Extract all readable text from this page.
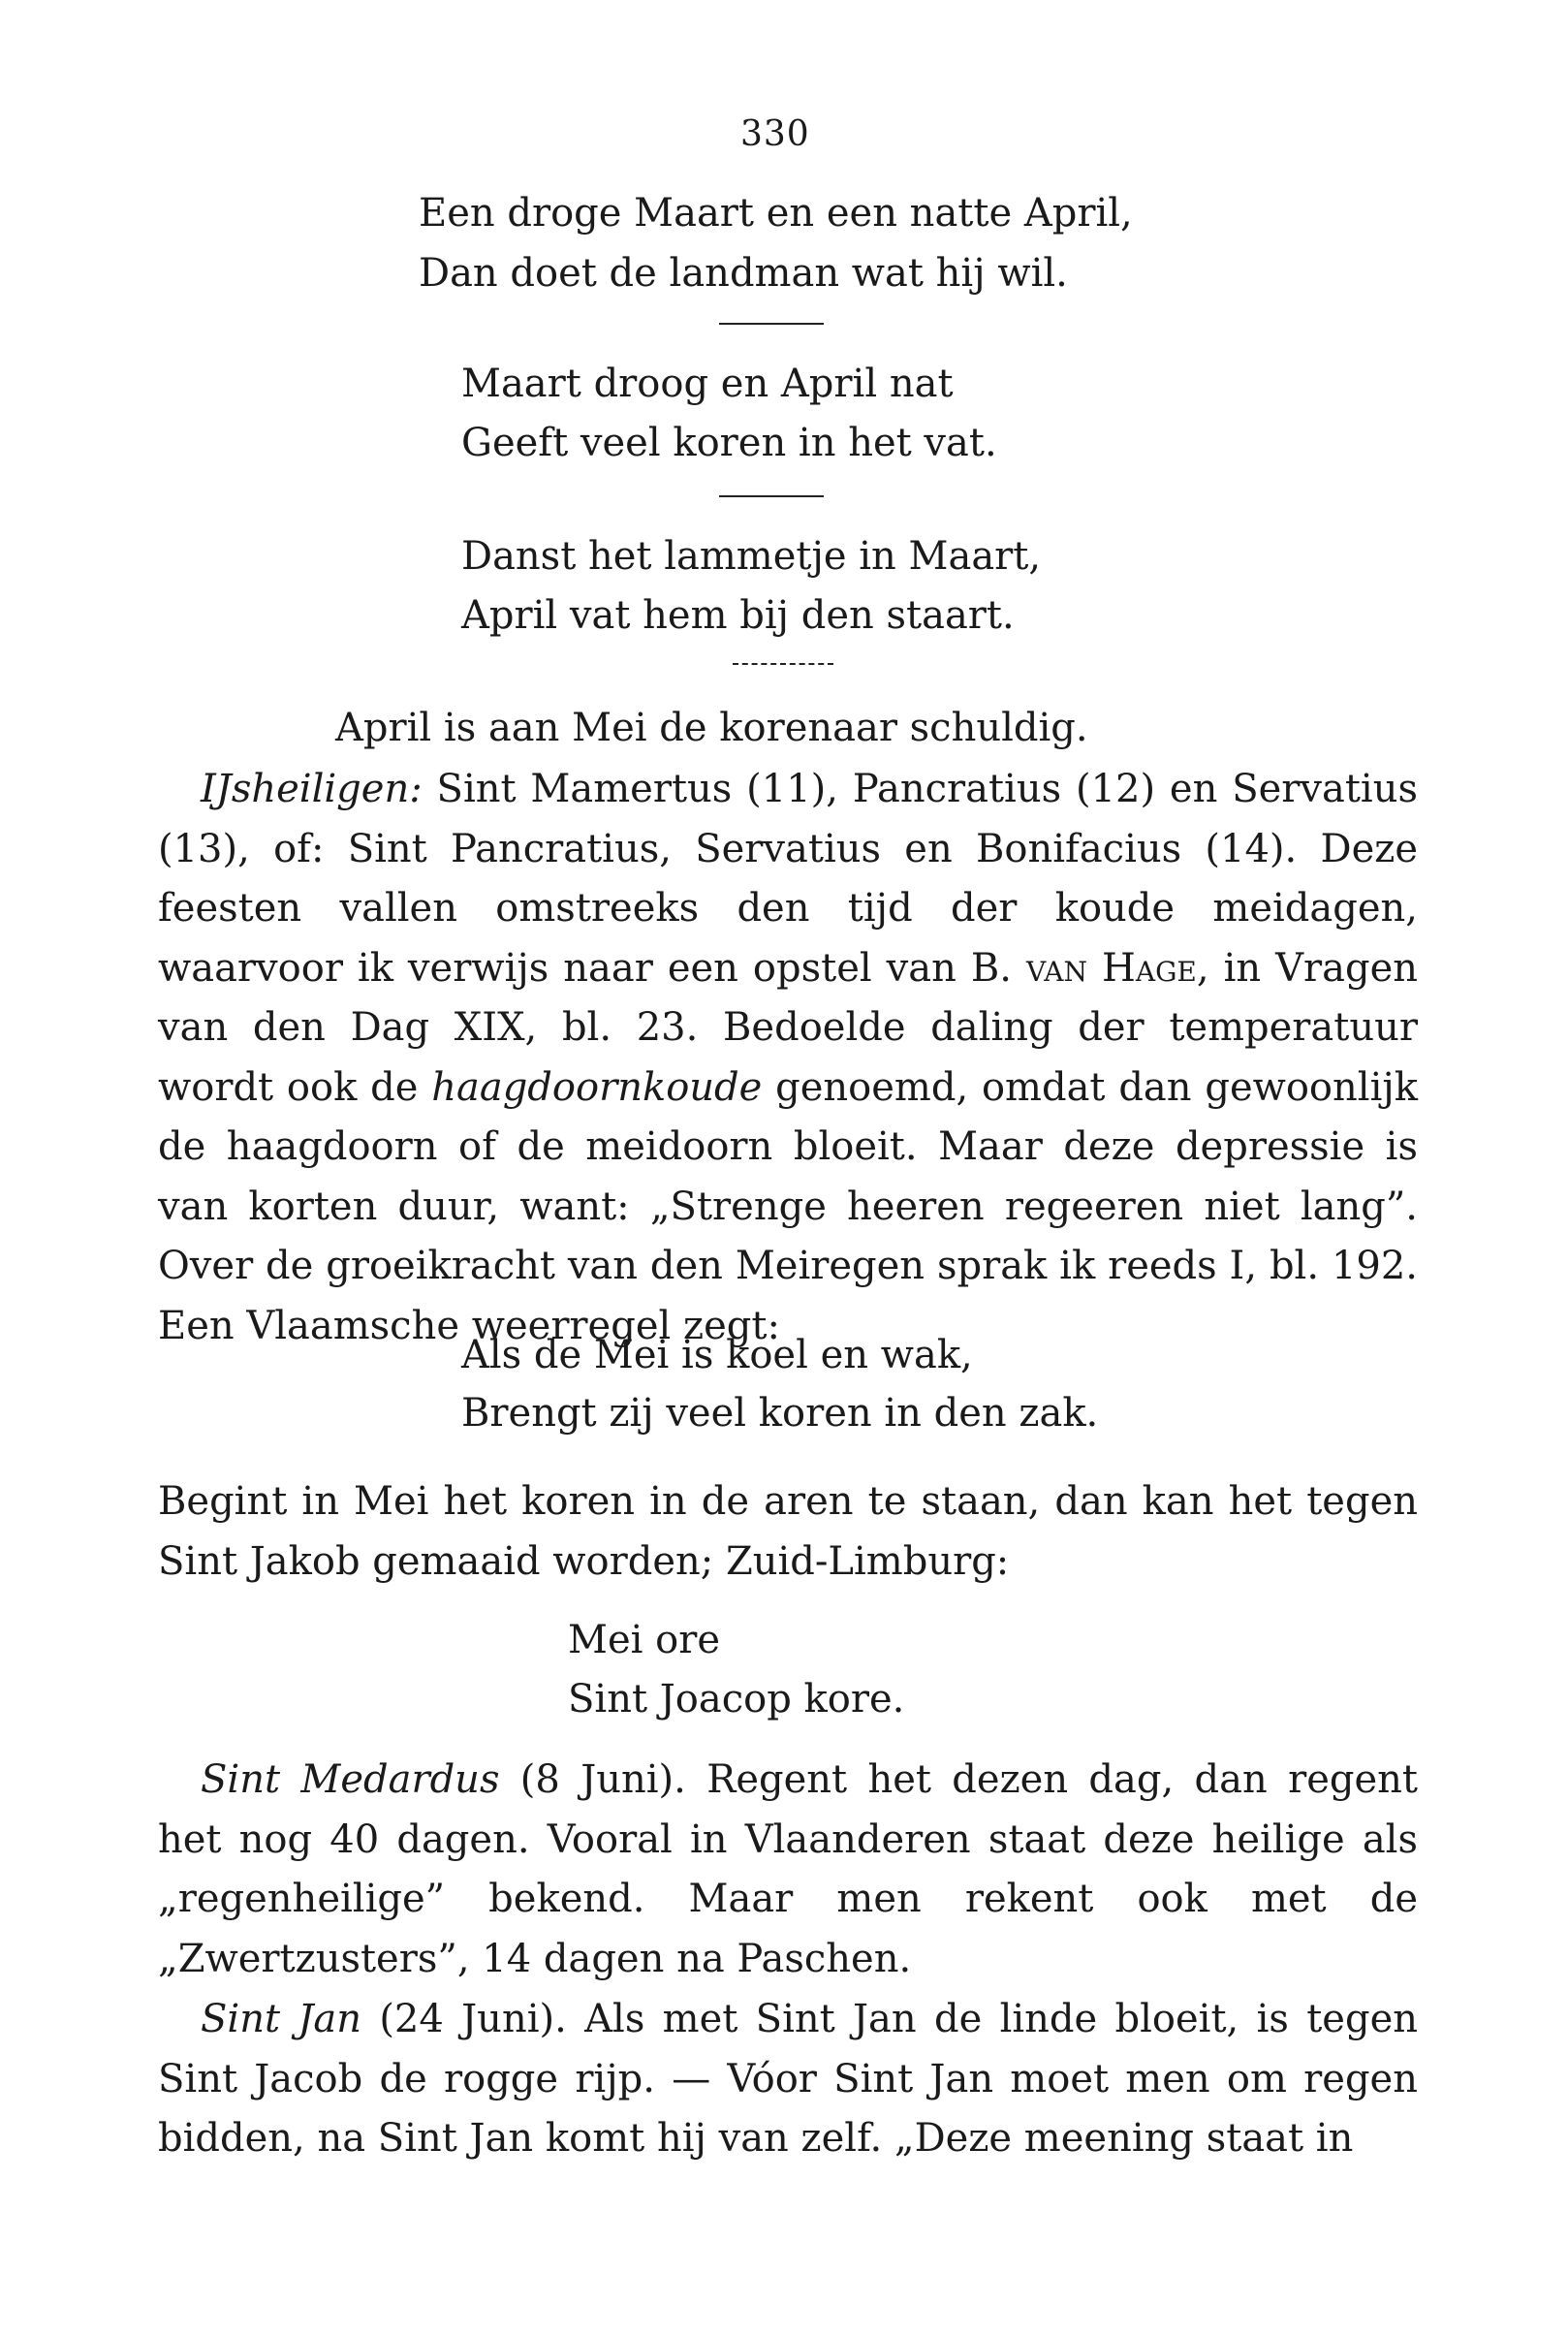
330
Een droge Maart en een natte April,
Dan doet de landman wat hij wil.
Maart droog en April nat
Geeft veel koren in het vat.
Danst het lammetje in Maart,
April vat hem bij den staart.
April is aan Mei de korenaar schuldig.

IJsheiligen: Sint Mamertus (11), Pancratius (12) en Servatius (13), of: Sint Pancratius, Servatius en Bonifacius (14). Deze feesten vallen omstreeks den tijd der koude meidagen, waarvoor ik verwijs naar een opstel van B. van Hage, in Vragen van den Dag XIX, bl. 23. Bedoelde daling der temperatuur wordt ook de haagdoornkoude genoemd, omdat dan gewoonlijk de haagdoorn of de meidoorn bloeit. Maar deze depressie is van korten duur, want: „Strenge heeren regeeren niet lang”. Over de groeikracht van den Meiregen sprak ik reeds I, bl. 192. Een Vlaamsche weerregel zegt:

Als de Mei is koel en wak,
Brengt zij veel koren in den zak.

Begint in Mei het koren in de aren te staan, dan kan het tegen Sint Jakob gemaaid worden; Zuid-Limburg:

Mei ore
Sint Joacop kore.

Sint Medardus (8 Juni). Regent het dezen dag, dan regent het nog 40 dagen. Vooral in Vlaanderen staat deze heilige als „regenheilige” bekend. Maar men rekent ook met de „Zwertzusters”, 14 dagen na Paschen.

Sint Jan (24 Juni). Als met Sint Jan de linde bloeit, is tegen Sint Jacob de rogge rijp. — Vóor Sint Jan moet men om regen bidden, na Sint Jan komt hij van zelf. „Deze meening staat in
